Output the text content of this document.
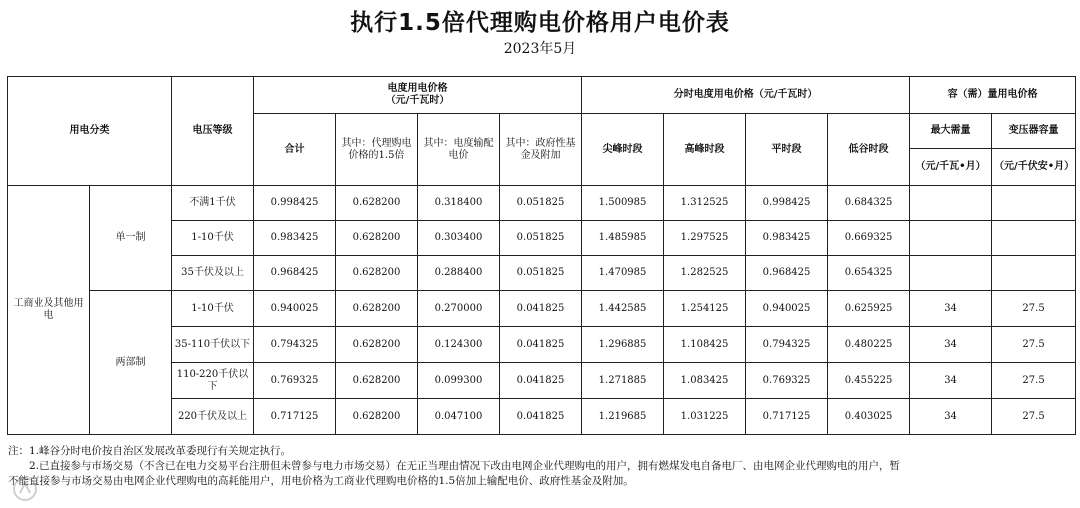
执行1.5倍代理购电价格用户电价表
2023年5月
用电分类		电压等级	电度用电价格
（元/千瓦时）				分时电度用电价格（元/千瓦时）				容（需）量用电价格	
			合计	其中：代理购电价格的1.5倍	其中：电度输配电价	其中：政府性基金及附加	尖峰时段	高峰时段	平时段	低谷时段	最大需量	变压器容量
											（元/千瓦•月）	（元/千伏安•月）
工商业及其他用电	单一制	不满1千伏	0.998425	0.628200	0.318400	0.051825	1.500985	1.312525	0.998425	0.684325		
		1-10千伏	0.983425	0.628200	0.303400	0.051825	1.485985	1.297525	0.983425	0.669325		
		35千伏及以上	0.968425	0.628200	0.288400	0.051825	1.470985	1.282525	0.968425	0.654325		
	两部制	1-10千伏	0.940025	0.628200	0.270000	0.041825	1.442585	1.254125	0.940025	0.625925	34	27.5
		35-110千伏以下	0.794325	0.628200	0.124300	0.041825	1.296885	1.108425	0.794325	0.480225	34	27.5
		110-220千伏以下	0.769325	0.628200	0.099300	0.041825	1.271885	1.083425	0.769325	0.455225	34	27.5
		220千伏及以上	0.717125	0.628200	0.047100	0.041825	1.219685	1.031225	0.717125	0.403025	34	27.5
注：1.峰谷分时电价按自治区发展改革委现行有关规定执行。
　　2.已直接参与市场交易（不含已在电力交易平台注册但未曾参与电力市场交易）在无正当理由情况下改由电网企业代理购电的用户，拥有燃煤发电自备电厂、由电网企业代理购电的用户，暂
不能直接参与市场交易由电网企业代理购电的高耗能用户，用电价格为工商业代理购电价格的1.5倍加上输配电价、政府性基金及附加。
